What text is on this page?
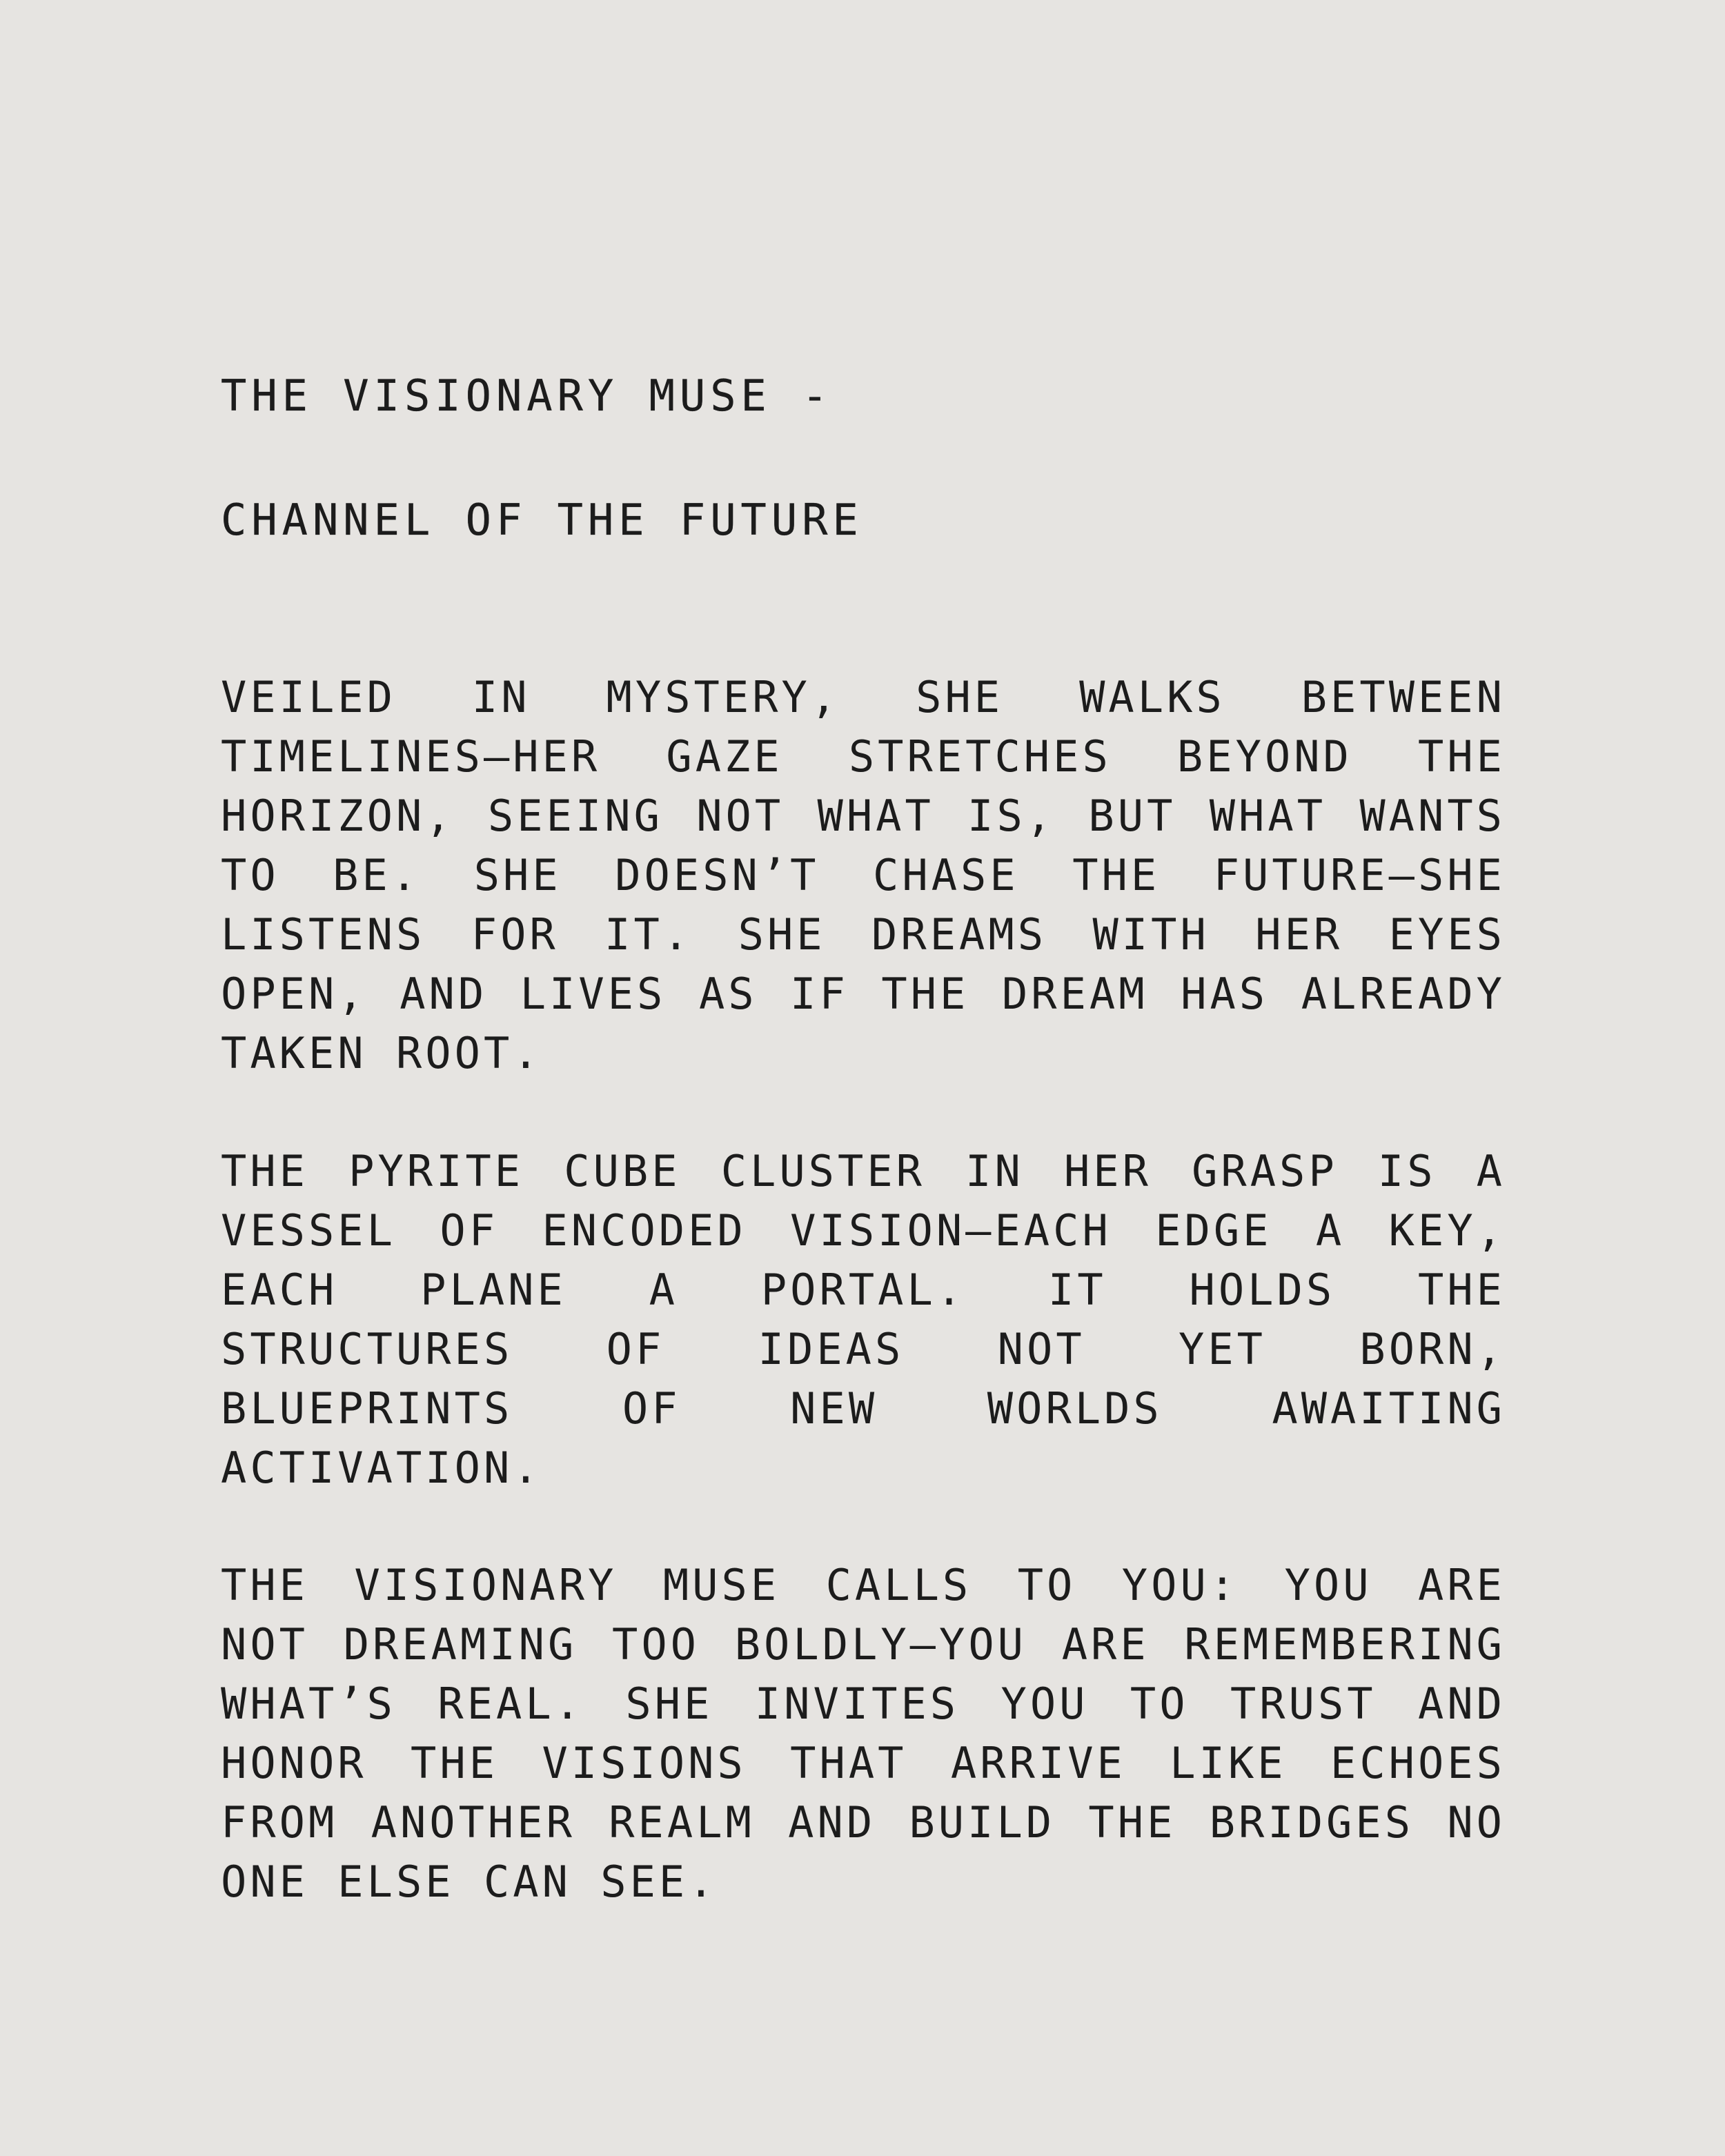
THE VISIONARY MUSE -
CHANNEL OF THE FUTURE

VEILED IN MYSTERY, SHE WALKS BETWEEN TIMELINES—HER GAZE STRETCHES BEYOND THE HORIZON, SEEING NOT WHAT IS, BUT WHAT WANTS TO BE. SHE DOESN’T CHASE THE FUTURE—SHE LISTENS FOR IT. SHE DREAMS WITH HER EYES OPEN, AND LIVES AS IF THE DREAM HAS ALREADY TAKEN ROOT.

THE PYRITE CUBE CLUSTER IN HER GRASP IS A VESSEL OF ENCODED VISION—EACH EDGE A KEY, EACH PLANE A PORTAL. IT HOLDS THE STRUCTURES OF IDEAS NOT YET BORN, BLUEPRINTS OF NEW WORLDS AWAITING ACTIVATION.

THE VISIONARY MUSE CALLS TO YOU: YOU ARE NOT DREAMING TOO BOLDLY—YOU ARE REMEMBERING WHAT’S REAL. SHE INVITES YOU TO TRUST AND HONOR THE VISIONS THAT ARRIVE LIKE ECHOES FROM ANOTHER REALM AND BUILD THE BRIDGES NO ONE ELSE CAN SEE.
